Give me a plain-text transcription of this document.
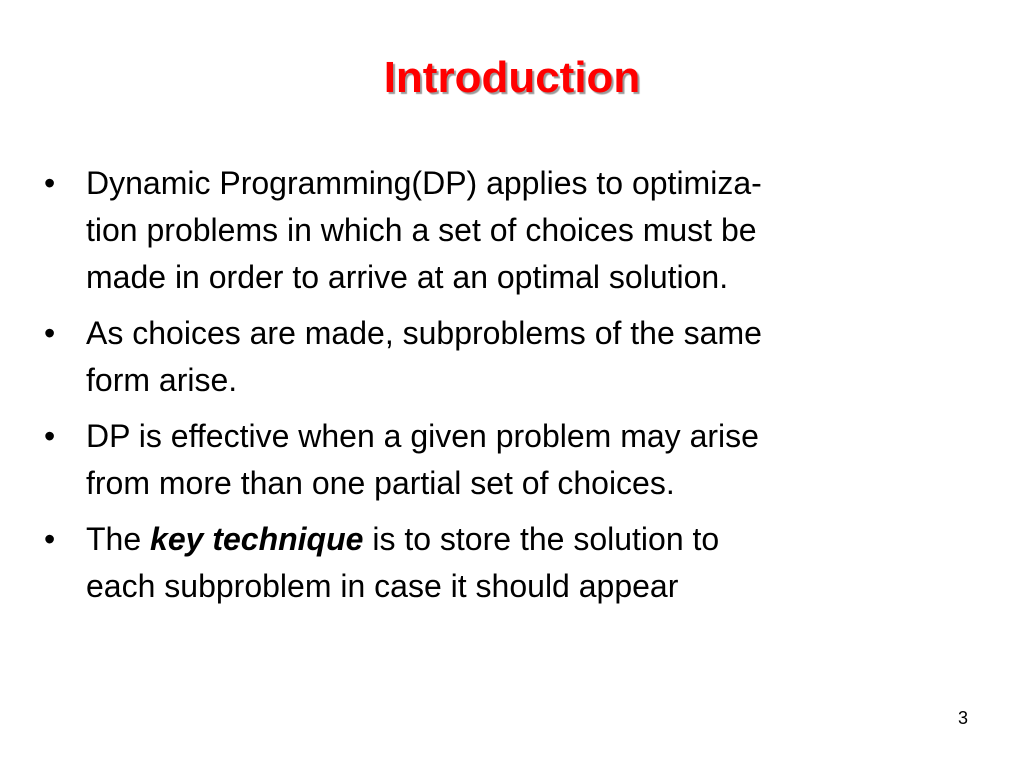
Introduction
• Dynamic Programming(DP) applies to optimiza-
tion problems in which a set of choices must be
made in order to arrive at an optimal solution.
• As choices are made, subproblems of the same
form arise.
• DP is effective when a given problem may arise
from more than one partial set of choices.
• The key technique is to store the solution to
each subproblem in case it should appear
3
